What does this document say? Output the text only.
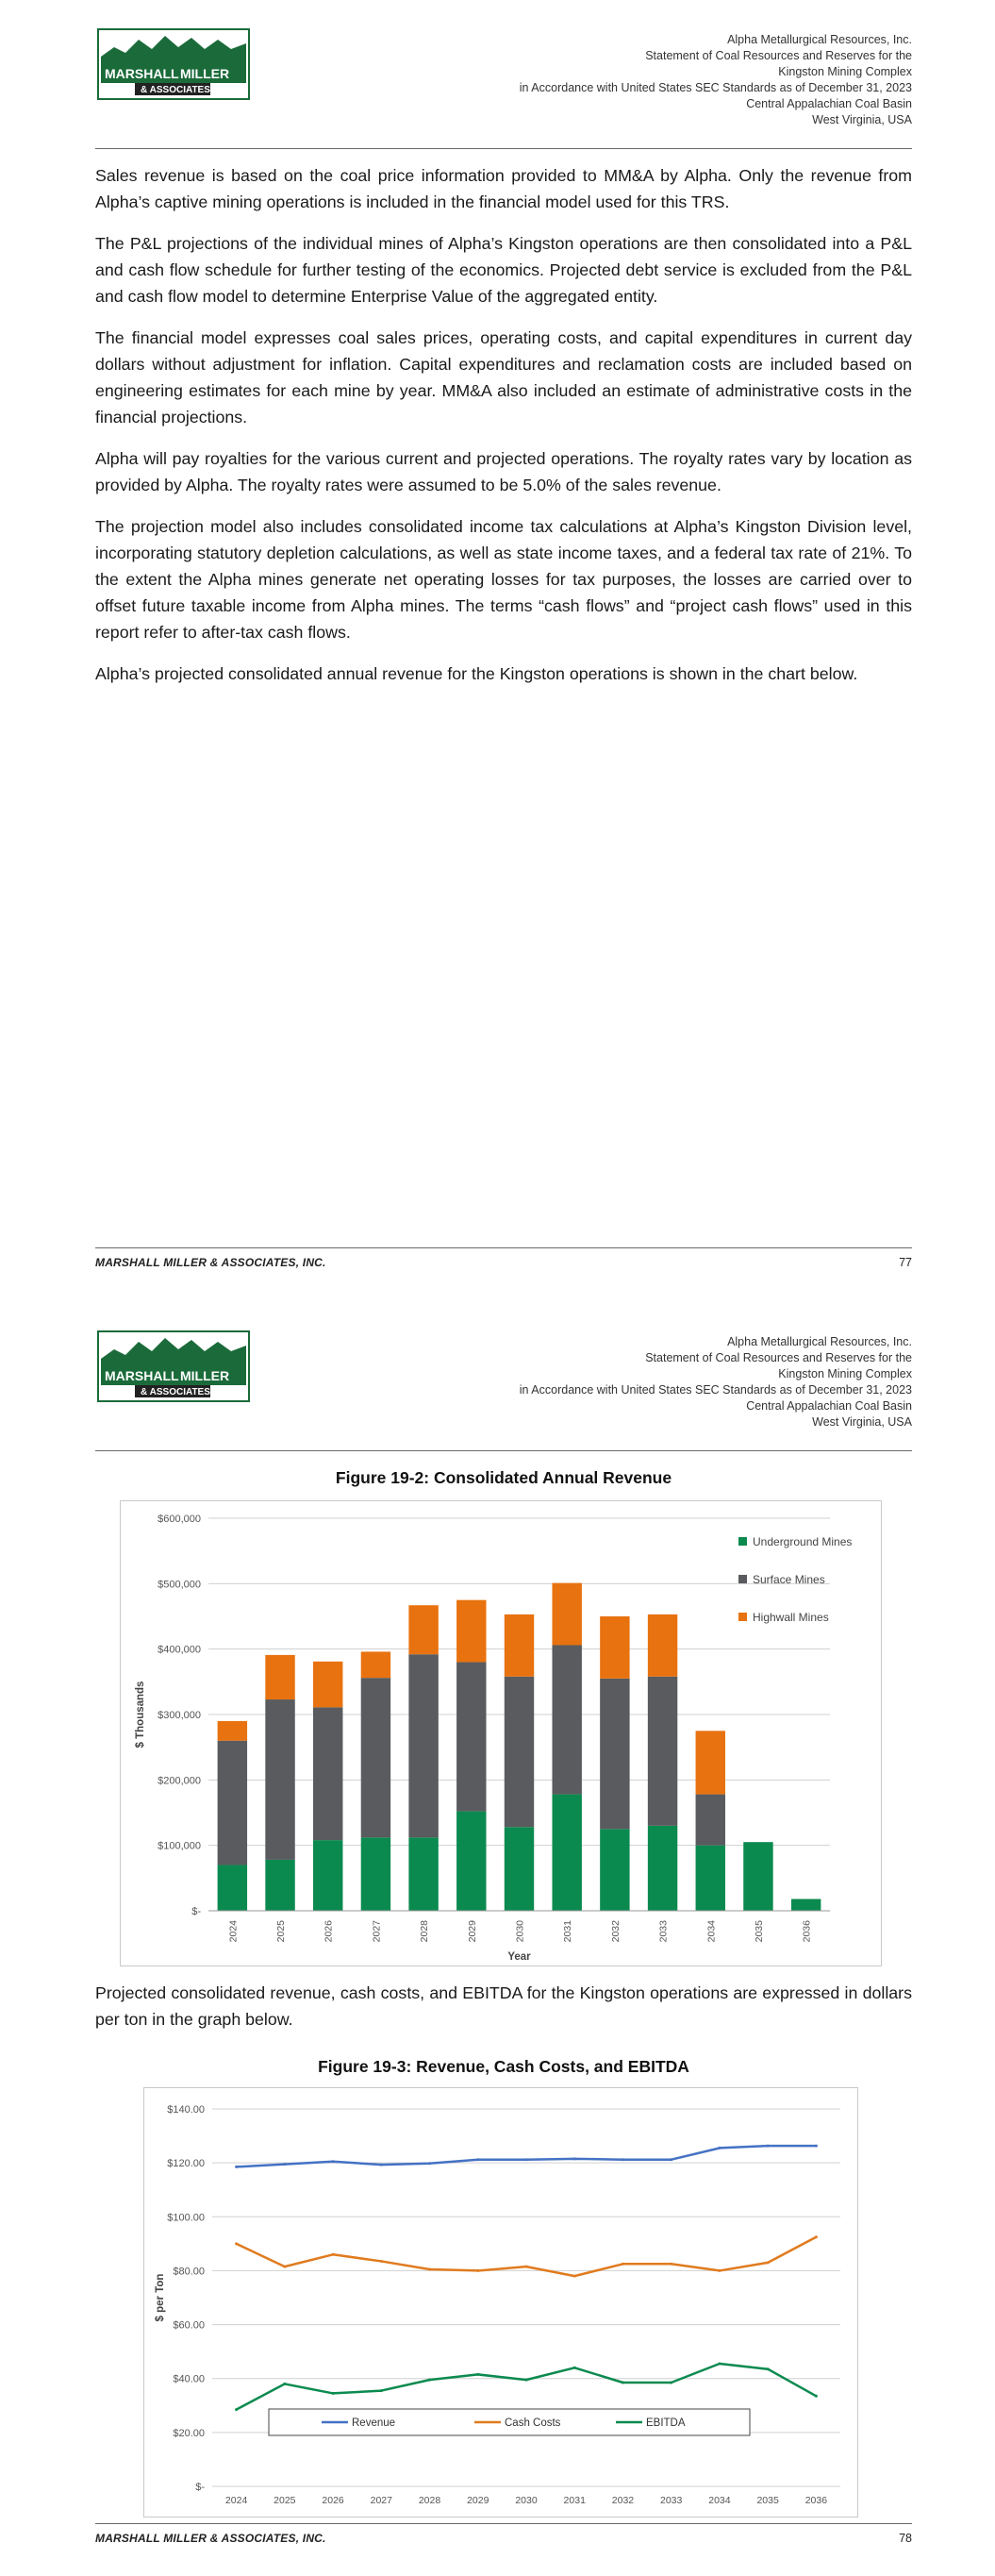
MARSHALL MILLER
& ASSOCIATES
Alpha Metallurgical Resources, Inc.
Statement of Coal Resources and Reserves for the
Kingston Mining Complex
in Accordance with United States SEC Standards as of December 31, 2023
Central Appalachian Coal Basin
West Virginia, USA

Sales revenue is based on the coal price information provided to MM&A by Alpha. Only the revenue from Alpha’s captive mining operations is included in the financial model used for this TRS.

The P&L projections of the individual mines of Alpha’s Kingston operations are then consolidated into a P&L and cash flow schedule for further testing of the economics. Projected debt service is excluded from the P&L and cash flow model to determine Enterprise Value of the aggregated entity.

The financial model expresses coal sales prices, operating costs, and capital expenditures in current day dollars without adjustment for inflation. Capital expenditures and reclamation costs are included based on engineering estimates for each mine by year. MM&A also included an estimate of administrative costs in the financial projections.

Alpha will pay royalties for the various current and projected operations. The royalty rates vary by location as provided by Alpha. The royalty rates were assumed to be 5.0% of the sales revenue.

The projection model also includes consolidated income tax calculations at Alpha’s Kingston Division level, incorporating statutory depletion calculations, as well as state income taxes, and a federal tax rate of 21%. To the extent the Alpha mines generate net operating losses for tax purposes, the losses are carried over to offset future taxable income from Alpha mines. The terms “cash flows” and “project cash flows” used in this report refer to after-tax cash flows.

Alpha’s projected consolidated annual revenue for the Kingston operations is shown in the chart below.

MARSHALL MILLER & ASSOCIATES, INC.	77
MARSHALL MILLER
& ASSOCIATES
Alpha Metallurgical Resources, Inc.
Statement of Coal Resources and Reserves for the
Kingston Mining Complex
in Accordance with United States SEC Standards as of December 31, 2023
Central Appalachian Coal Basin
West Virginia, USA
Figure 19-2: Consolidated Annual Revenue
$-
$100,000
$200,000
$300,000
$400,000
$500,000
$600,000
2024	2025	2026	2027	2028	2029	2030	2031	2032	2033	2034	2035	2036
Year
$ Thousands
Underground Mines
Surface Mines
Highwall Mines

Projected consolidated revenue, cash costs, and EBITDA for the Kingston operations are expressed in dollars per ton in the graph below.

Figure 19-3: Revenue, Cash Costs, and EBITDA
$-
$20.00
$40.00
$60.00
$80.00
$100.00
$120.00
$140.00
2024	2025	2026	2027	2028	2029	2030	2031	2032	2033	2034	2035	2036
$ per Ton
Revenue	Cash Costs	EBITDA
MARSHALL MILLER & ASSOCIATES, INC.	78
